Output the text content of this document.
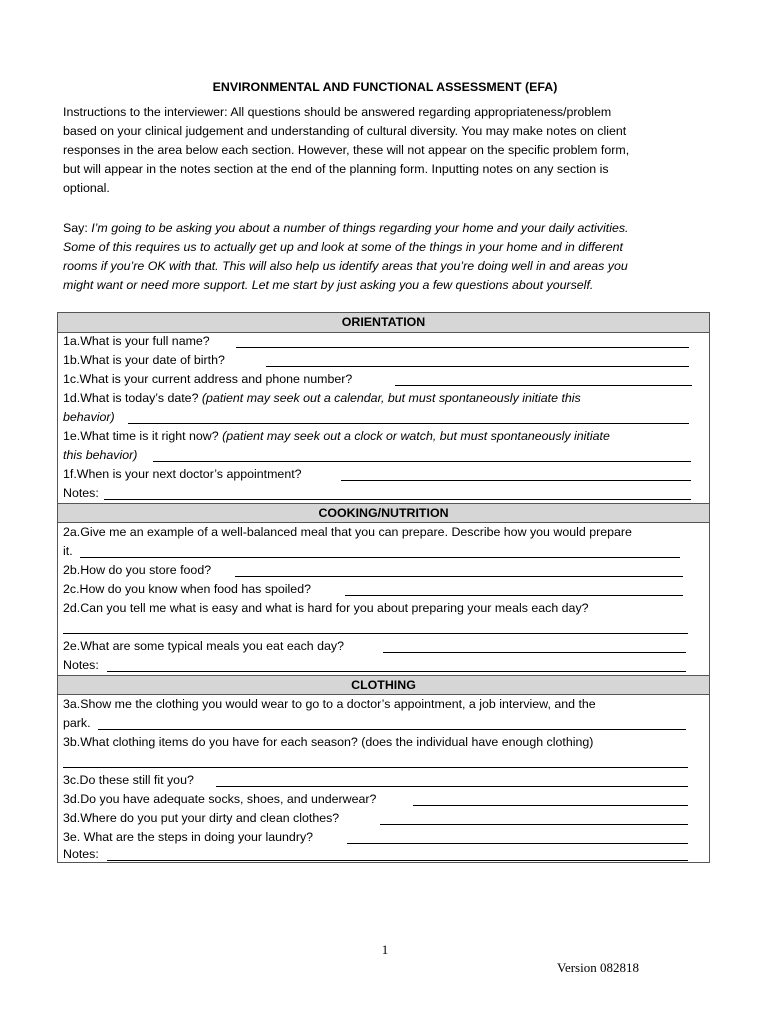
ENVIRONMENTAL AND FUNCTIONAL ASSESSMENT (EFA)
Instructions to the interviewer: All questions should be answered regarding appropriateness/problem
based on your clinical judgement and understanding of cultural diversity. You may make notes on client
responses in the area below each section. However, these will not appear on the specific problem form,
but will appear in the notes section at the end of the planning form. Inputting notes on any section is
optional.
Say: I’m going to be asking you about a number of things regarding your home and your daily activities.
Some of this requires us to actually get up and look at some of the things in your home and in different
rooms if you’re OK with that. This will also help us identify areas that you’re doing well in and areas you
might want or need more support. Let me start by just asking you a few questions about yourself.
ORIENTATION
1a.What is your full name?
1b.What is your date of birth?
1c.What is your current address and phone number?
1d.What is today’s date? (patient may seek out a calendar, but must spontaneously initiate this
behavior)
1e.What time is it right now? (patient may seek out a clock or watch, but must spontaneously initiate
this behavior)
1f.When is your next doctor’s appointment?
Notes:
COOKING/NUTRITION
2a.Give me an example of a well-balanced meal that you can prepare. Describe how you would prepare
it.
2b.How do you store food?
2c.How do you know when food has spoiled?
2d.Can you tell me what is easy and what is hard for you about preparing your meals each day?
2e.What are some typical meals you eat each day?
Notes:
CLOTHING
3a.Show me the clothing you would wear to go to a doctor’s appointment, a job interview, and the
park.
3b.What clothing items do you have for each season? (does the individual have enough clothing)
3c.Do these still fit you?
3d.Do you have adequate socks, shoes, and underwear?
3d.Where do you put your dirty and clean clothes?
3e. What are the steps in doing your laundry?
Notes:
1
Version 082818
